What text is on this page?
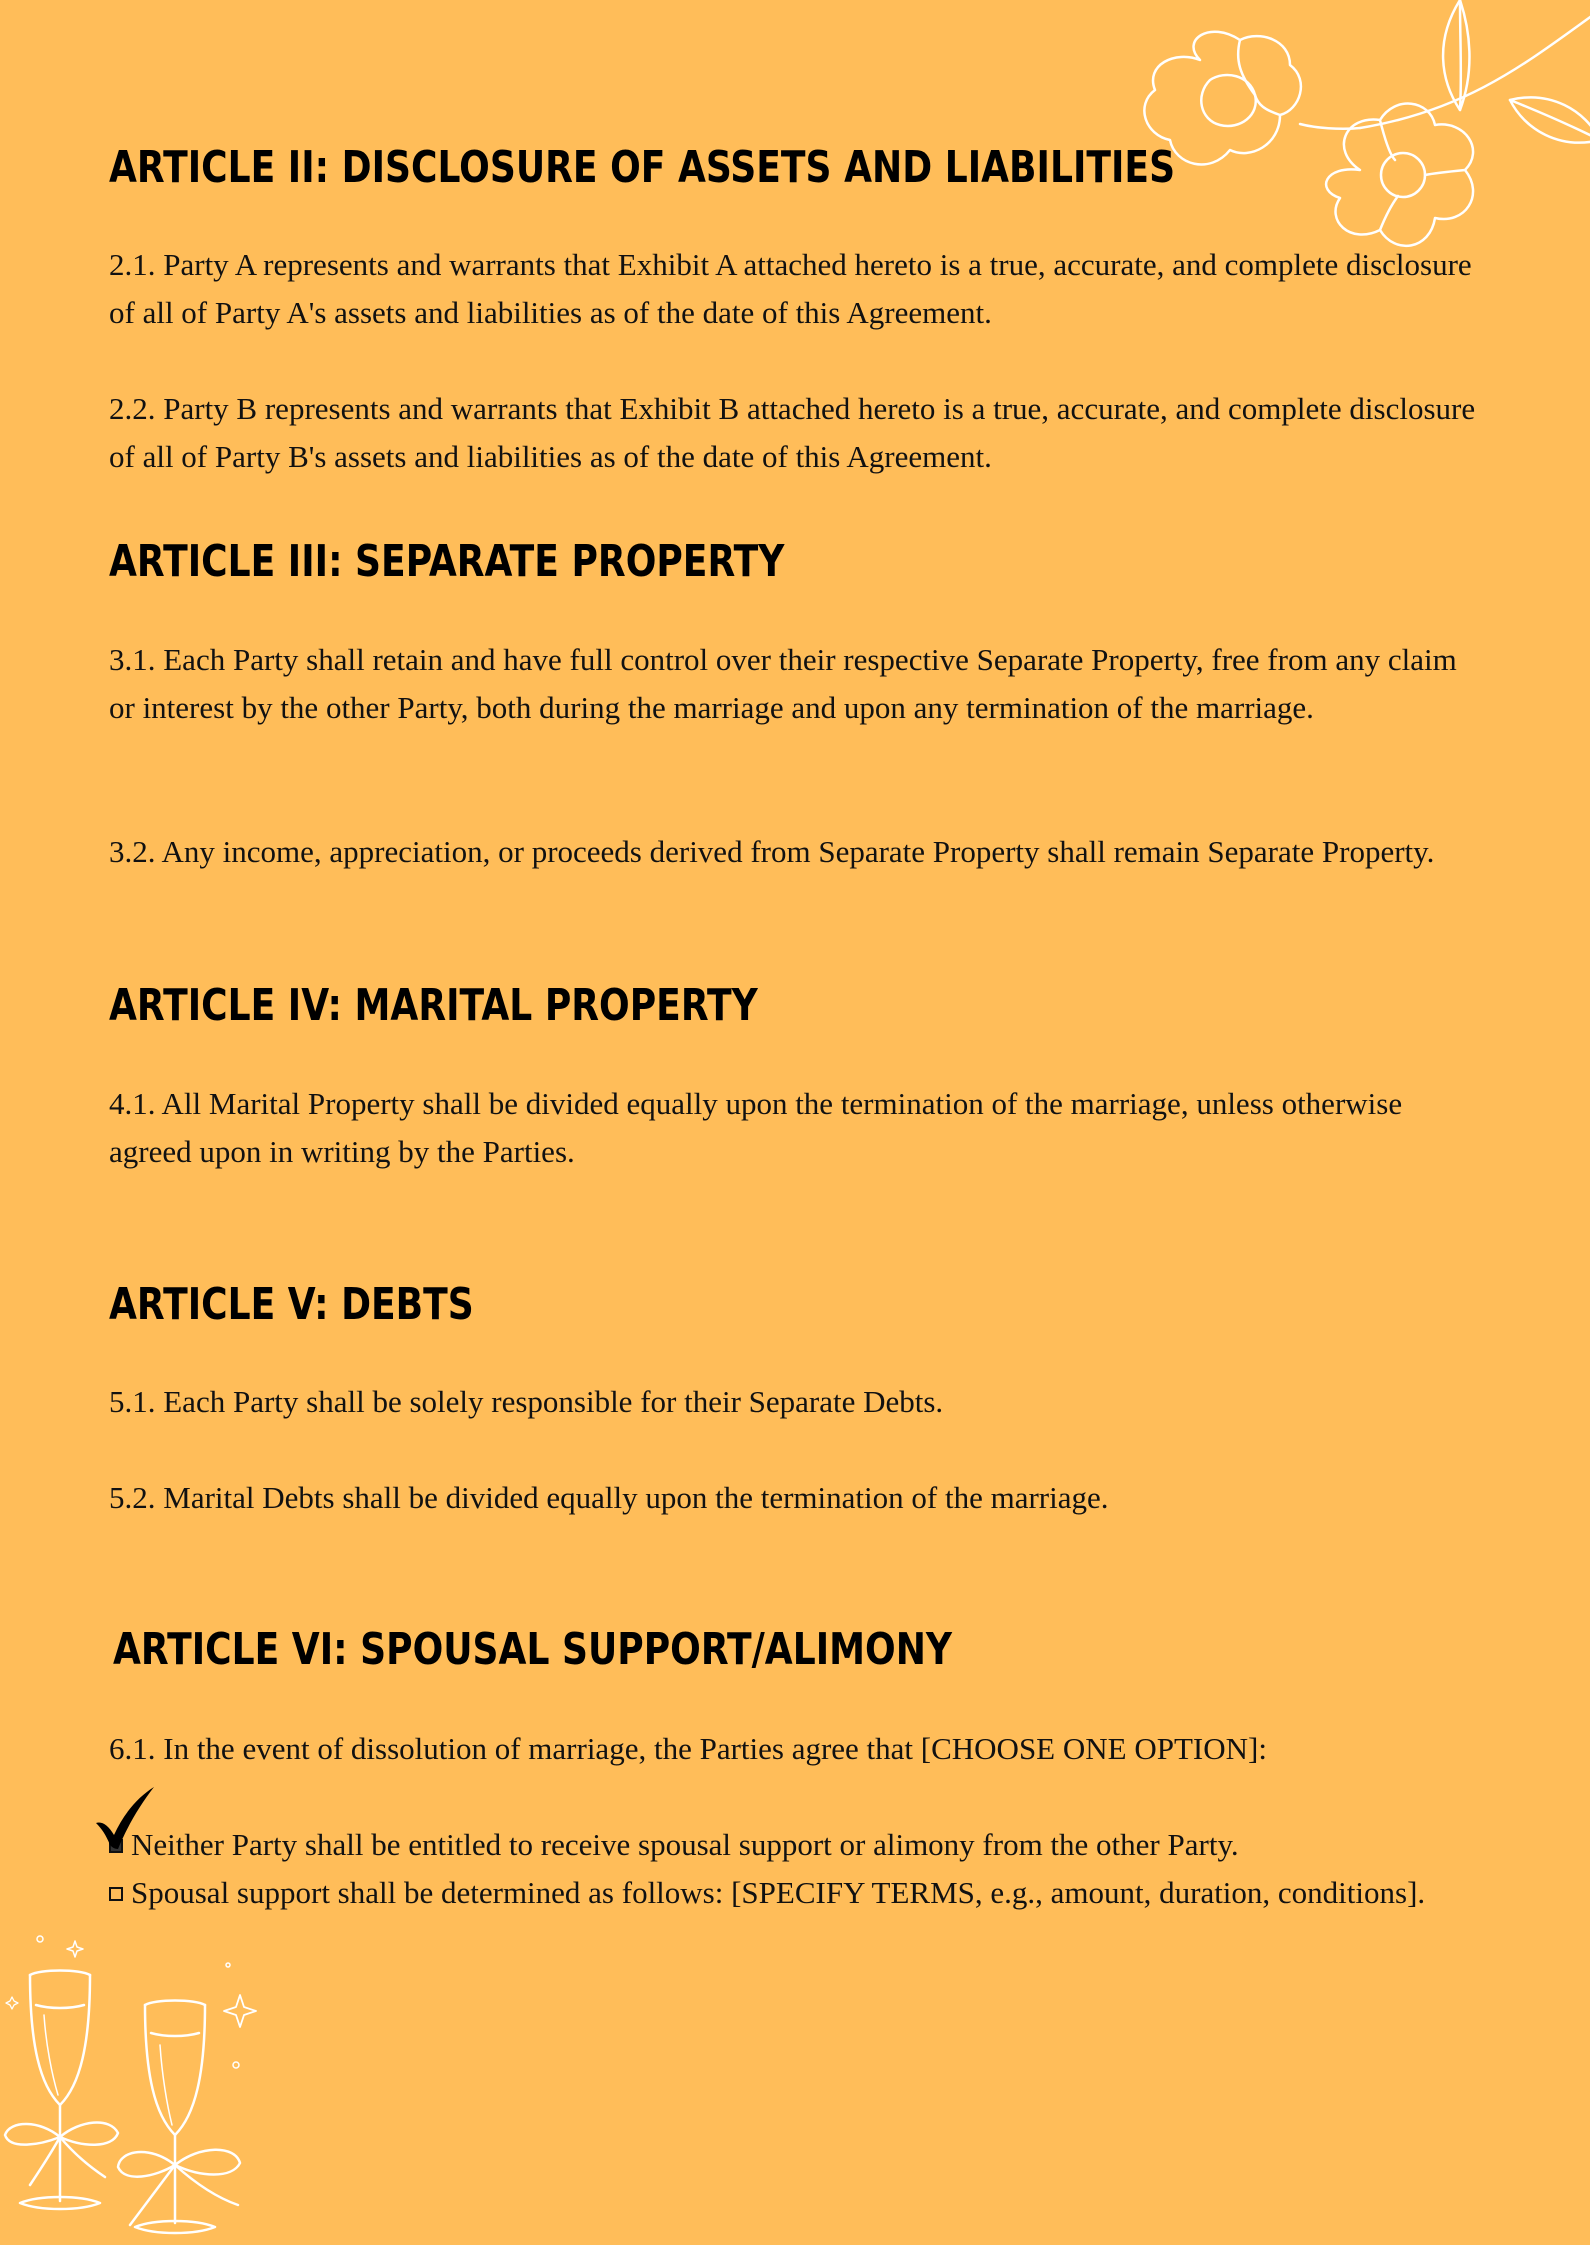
ARTICLE II: DISCLOSURE OF ASSETS AND LIABILITIES

2.1. Party A represents and warrants that Exhibit A attached hereto is a true, accurate, and complete disclosure of all of Party A's assets and liabilities as of the date of this Agreement.

2.2. Party B represents and warrants that Exhibit B attached hereto is a true, accurate, and complete disclosure of all of Party B's assets and liabilities as of the date of this Agreement.

ARTICLE III: SEPARATE PROPERTY

3.1. Each Party shall retain and have full control over their respective Separate Property, free from any claim or interest by the other Party, both during the marriage and upon any termination of the marriage.

3.2. Any income, appreciation, or proceeds derived from Separate Property shall remain Separate Property.

ARTICLE IV: MARITAL PROPERTY

4.1. All Marital Property shall be divided equally upon the termination of the marriage, unless otherwise agreed upon in writing by the Parties.

ARTICLE V: DEBTS

5.1. Each Party shall be solely responsible for their Separate Debts.

5.2. Marital Debts shall be divided equally upon the termination of the marriage.

ARTICLE VI: SPOUSAL SUPPORT/ALIMONY

6.1. In the event of dissolution of marriage, the Parties agree that [CHOOSE ONE OPTION]:

Neither Party shall be entitled to receive spousal support or alimony from the other Party.

Spousal support shall be determined as follows: [SPECIFY TERMS, e.g., amount, duration, conditions].
